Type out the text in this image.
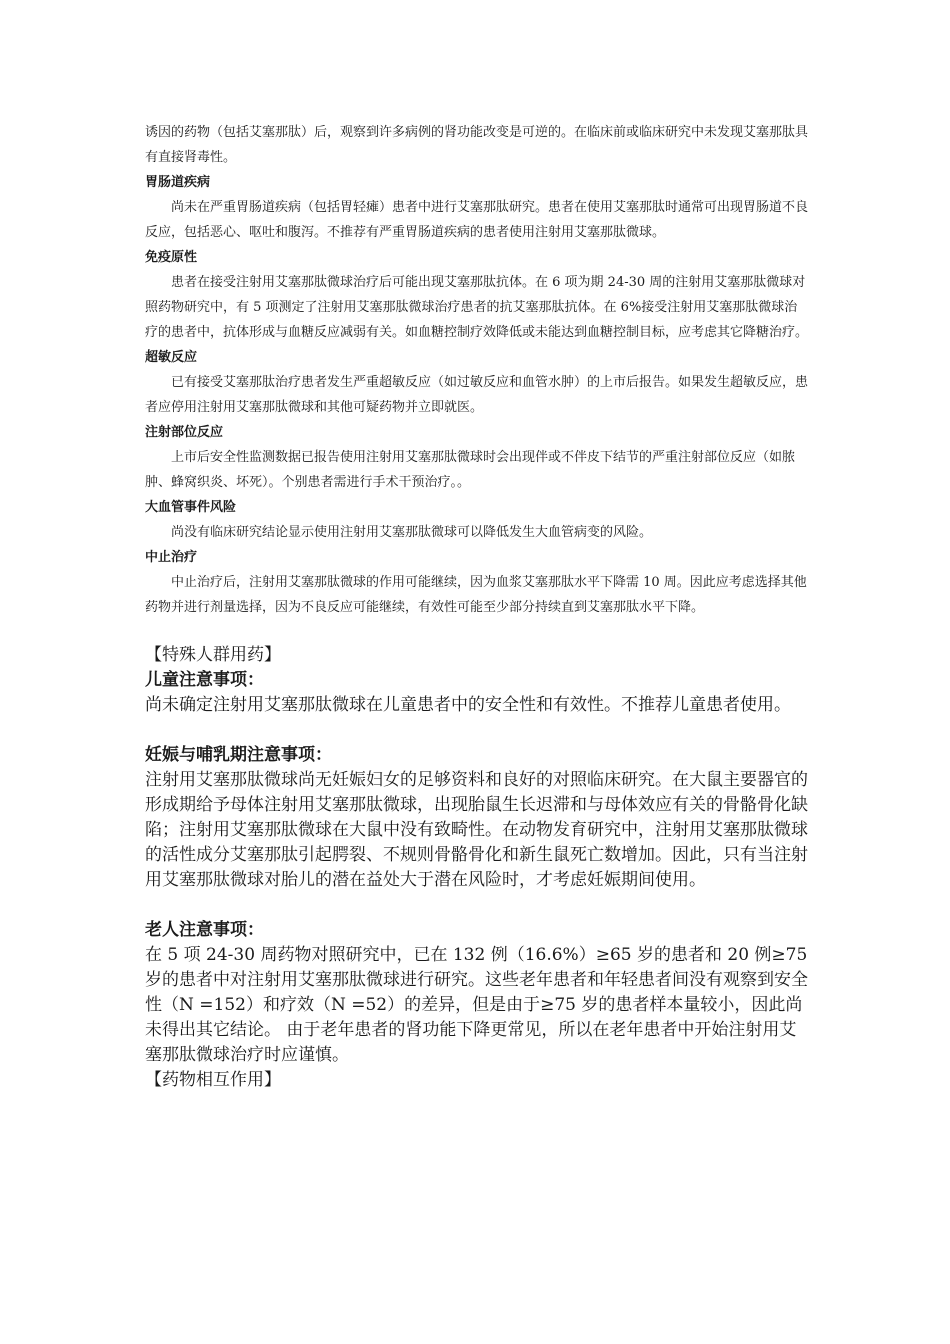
诱因的药物（包括艾塞那肽）后，观察到许多病例的肾功能改变是可逆的。在临床前或临床研究中未发现艾塞那肽具有直接肾毒性。

胃肠道疾病

尚未在严重胃肠道疾病（包括胃轻瘫）患者中进行艾塞那肽研究。患者在使用艾塞那肽时通常可出现胃肠道不良反应，包括恶心、呕吐和腹泻。不推荐有严重胃肠道疾病的患者使用注射用艾塞那肽微球。

免疫原性

患者在接受注射用艾塞那肽微球治疗后可能出现艾塞那肽抗体。在 6 项为期 24-30 周的注射用艾塞那肽微球对照药物研究中，有 5 项测定了注射用艾塞那肽微球治疗患者的抗艾塞那肽抗体。在 6%接受注射用艾塞那肽微球治疗的患者中，抗体形成与血糖反应减弱有关。如血糖控制疗效降低或未能达到血糖控制目标，应考虑其它降糖治疗。

超敏反应

已有接受艾塞那肽治疗患者发生严重超敏反应（如过敏反应和血管水肿）的上市后报告。如果发生超敏反应，患者应停用注射用艾塞那肽微球和其他可疑药物并立即就医。

注射部位反应

上市后安全性监测数据已报告使用注射用艾塞那肽微球时会出现伴或不伴皮下结节的严重注射部位反应（如脓肿、蜂窝织炎、坏死）。个别患者需进行手术干预治疗。。

大血管事件风险

尚没有临床研究结论显示使用注射用艾塞那肽微球可以降低发生大血管病变的风险。

中止治疗

中止治疗后，注射用艾塞那肽微球的作用可能继续，因为血浆艾塞那肽水平下降需 10 周。因此应考虑选择其他药物并进行剂量选择，因为不良反应可能继续，有效性可能至少部分持续直到艾塞那肽水平下降。

【特殊人群用药】

儿童注意事项：

尚未确定注射用艾塞那肽微球在儿童患者中的安全性和有效性。不推荐儿童患者使用。

妊娠与哺乳期注意事项：

注射用艾塞那肽微球尚无妊娠妇女的足够资料和良好的对照临床研究。在大鼠主要器官的形成期给予母体注射用艾塞那肽微球，出现胎鼠生长迟滞和与母体效应有关的骨骼骨化缺陷；注射用艾塞那肽微球在大鼠中没有致畸性。在动物发育研究中，注射用艾塞那肽微球的活性成分艾塞那肽引起腭裂、不规则骨骼骨化和新生鼠死亡数增加。因此，只有当注射用艾塞那肽微球对胎儿的潜在益处大于潜在风险时，才考虑妊娠期间使用。

老人注意事项：

在 5 项 24-30 周药物对照研究中，已在 132 例（16.6%）≥65 岁的患者和 20 例≥75 岁的患者中对注射用艾塞那肽微球进行研究。这些老年患者和年轻患者间没有观察到安全性（N =152）和疗效（N =52）的差异，但是由于≥75 岁的患者样本量较小，因此尚未得出其它结论。 由于老年患者的肾功能下降更常见，所以在老年患者中开始注射用艾塞那肽微球治疗时应谨慎。

【药物相互作用】
